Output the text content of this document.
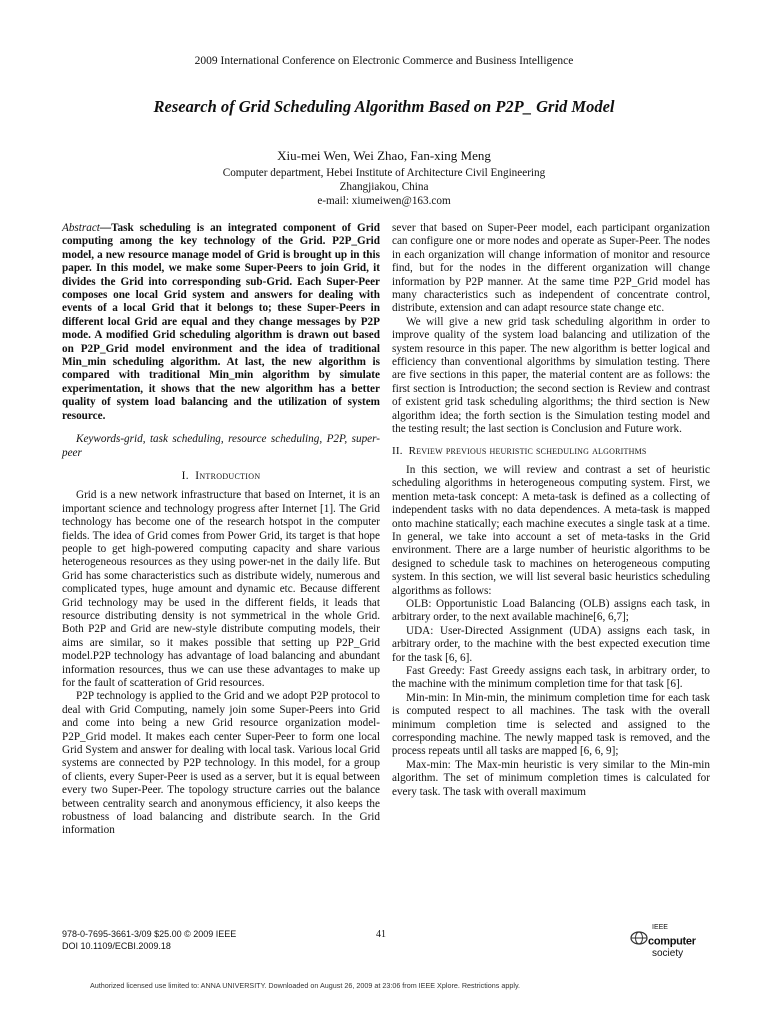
2009 International Conference on Electronic Commerce and Business Intelligence
Research of Grid Scheduling Algorithm Based on P2P_ Grid Model
Xiu-mei Wen, Wei Zhao, Fan-xing Meng
Computer department, Hebei Institute of Architecture Civil Engineering
Zhangjiakou, China
e-mail: xiumeiwen@163.com

Abstract—Task scheduling is an integrated component of Grid computing among the key technology of the Grid. P2P_Grid model, a new resource manage model of Grid is brought up in this paper. In this model, we make some Super-Peers to join Grid, it divides the Grid into corresponding sub-Grid. Each Super-Peer composes one local Grid system and answers for dealing with events of a local Grid that it belongs to; these Super-Peers in different local Grid are equal and they change messages by P2P mode. A modified Grid scheduling algorithm is drawn out based on P2P_Grid model environment and the idea of traditional Min_min scheduling algorithm. At last, the new algorithm is compared with traditional Min_min algorithm by simulate experimentation, it shows that the new algorithm has a better quality of system load balancing and the utilization of system resource.

Keywords-grid, task scheduling, resource scheduling, P2P, super-peer

I.  Introduction

Grid is a new network infrastructure that based on Internet, it is an important science and technology progress after Internet [1]. The Grid technology has become one of the research hotspot in the computer fields. The idea of Grid comes from Power Grid, its target is that hope people to get high-powered computing capacity and share various heterogeneous resources as they using power-net in the daily life. But Grid has some characteristics such as distribute widely, numerous and complicated types, huge amount and dynamic etc. Because different Grid technology may be used in the different fields, it leads that resource distributing density is not symmetrical in the whole Grid. Both P2P and Grid are new-style distribute computing models, their aims are similar, so it makes possible that setting up P2P_Grid model.P2P technology has advantage of load balancing and abundant information resources, thus we can use these advantages to make up for the fault of scatteration of Grid resources.

P2P technology is applied to the Grid and we adopt P2P protocol to deal with Grid Computing, namely join some Super-Peers into Grid and come into being a new Grid resource organization model-P2P_Grid model. It makes each center Super-Peer to form one local Grid System and answer for dealing with local task. Various local Grid systems are connected by P2P technology. In this model, for a group of clients, every Super-Peer is used as a server, but it is equal between every two Super-Peer. The topology structure carries out the balance between centrality search and anonymous efficiency, it also keeps the robustness of load balancing and distribute search. In the Grid information

sever that based on Super-Peer model, each participant organization can configure one or more nodes and operate as Super-Peer. The nodes in each organization will change information of monitor and resource find, but for the nodes in the different organization will change information by P2P manner. At the same time P2P_Grid model has many characteristics such as independent of concentrate control, distribute, extension and can adapt resource state change etc.

We will give a new grid task scheduling algorithm in order to improve quality of the system load balancing and utilization of the system resource in this paper. The new algorithm is better logical and efficiency than conventional algorithms by simulation testing. There are five sections in this paper, the material content are as follows: the first section is Introduction; the second section is Review and contrast of existent grid task scheduling algorithms; the third section is New algorithm idea; the forth section is the Simulation testing model and the testing result; the last section is Conclusion and Future work.

II.  Review previous heuristic scheduling algorithms

In this section, we will review and contrast a set of heuristic scheduling algorithms in heterogeneous computing system. First, we mention meta-task concept: A meta-task is defined as a collecting of independent tasks with no data dependences. A meta-task is mapped onto machine statically; each machine executes a single task at a time. In general, we take into account a set of meta-tasks in the Grid environment. There are a large number of heuristic algorithms to be designed to schedule task to machines on heterogeneous computing system. In this section, we will list several basic heuristics scheduling algorithms as follows:

OLB: Opportunistic Load Balancing (OLB) assigns each task, in arbitrary order, to the next available machine[6, 6,7];

UDA: User-Directed Assignment (UDA) assigns each task, in arbitrary order, to the machine with the best expected execution time for the task [6, 6].

Fast Greedy: Fast Greedy assigns each task, in arbitrary order, to the machine with the minimum completion time for that task [6].

Min-min: In Min-min, the minimum completion time for each task is computed respect to all machines. The task with the overall minimum completion time is selected and assigned to the corresponding machine. The newly mapped task is removed, and the process repeats until all tasks are mapped [6, 6, 9];

Max-min: The Max-min heuristic is very similar to the Min-min algorithm. The set of minimum completion times is calculated for every task. The task with overall maximum

978-0-7695-3661-3/09 $25.00 © 2009 IEEE
DOI 10.1109/ECBI.2009.18
41
IEEE
computer
society
Authorized licensed use limited to: ANNA UNIVERSITY. Downloaded on August 26, 2009 at 23:06 from IEEE Xplore. Restrictions apply.
